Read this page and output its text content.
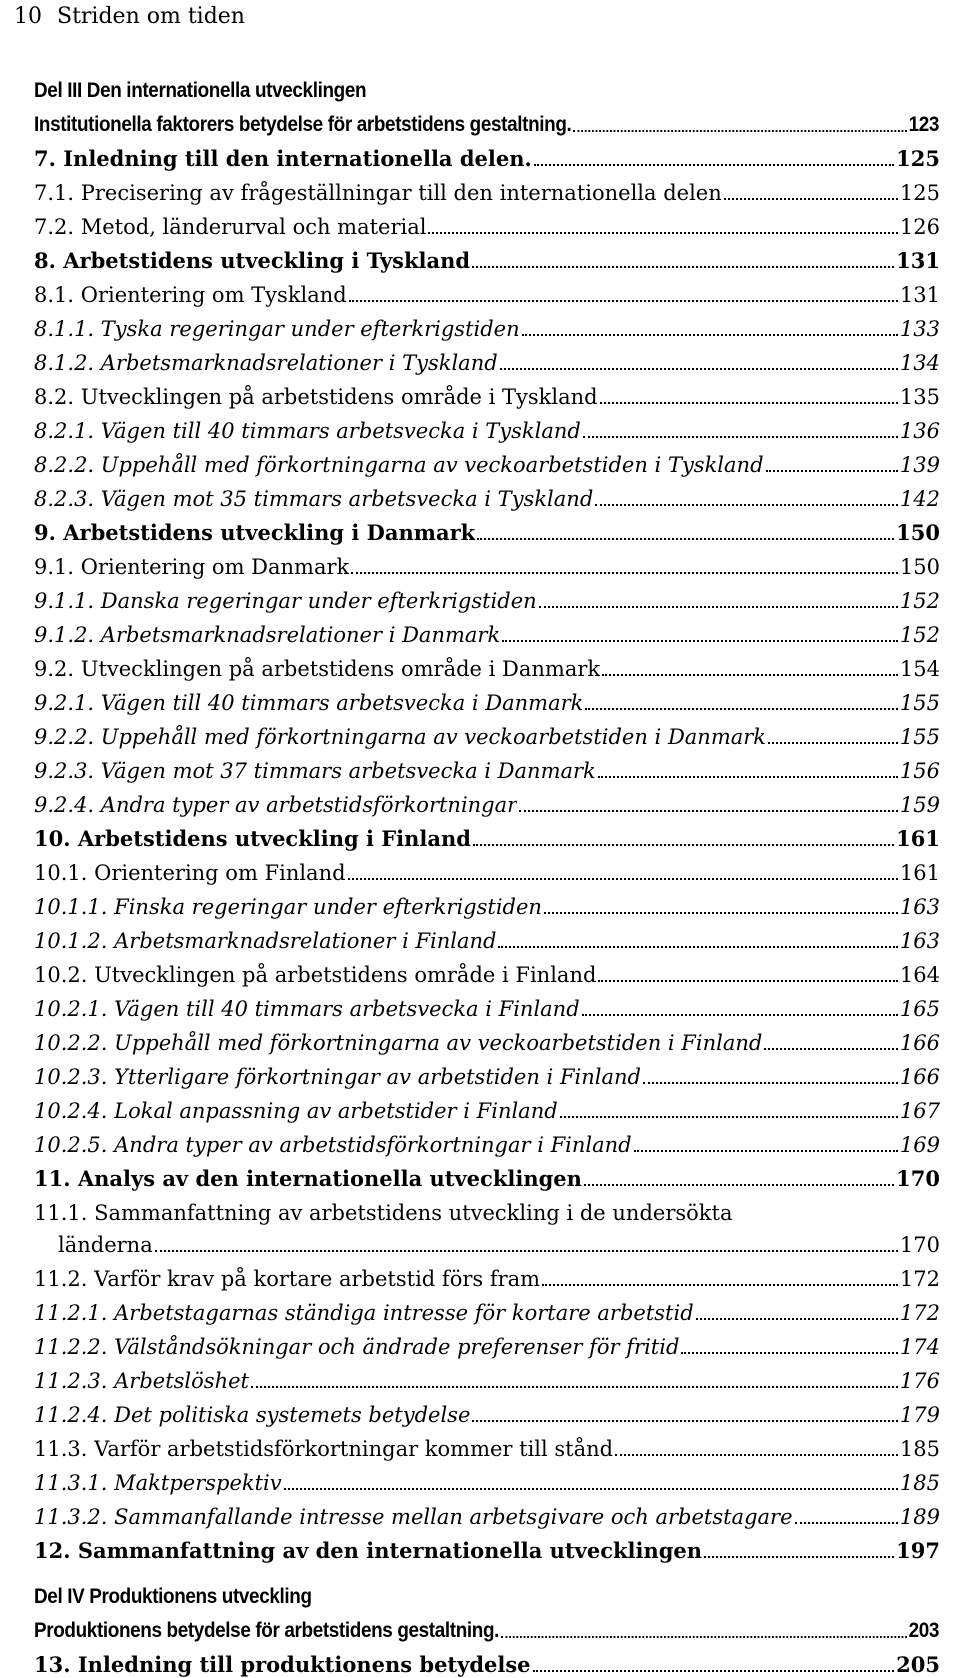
10 Striden om tiden
Del III Den internationella utvecklingen
Institutionella faktorers betydelse för arbetstidens gestaltning.	123
7. Inledning till den internationella delen.	125
7.1. Precisering av frågeställningar till den internationella delen	125
7.2. Metod, länderurval och material	126
8. Arbetstidens utveckling i Tyskland	131
8.1. Orientering om Tyskland	131
8.1.1. Tyska regeringar under efterkrigstiden	133
8.1.2. Arbetsmarknadsrelationer i Tyskland	134
8.2. Utvecklingen på arbetstidens område i Tyskland	135
8.2.1. Vägen till 40 timmars arbetsvecka i Tyskland	136
8.2.2. Uppehåll med förkortningarna av veckoarbetstiden i Tyskland	139
8.2.3. Vägen mot 35 timmars arbetsvecka i Tyskland	142
9. Arbetstidens utveckling i Danmark	150
9.1. Orientering om Danmark	150
9.1.1. Danska regeringar under efterkrigstiden	152
9.1.2. Arbetsmarknadsrelationer i Danmark	152
9.2. Utvecklingen på arbetstidens område i Danmark	154
9.2.1. Vägen till 40 timmars arbetsvecka i Danmark	155
9.2.2. Uppehåll med förkortningarna av veckoarbetstiden i Danmark	155
9.2.3. Vägen mot 37 timmars arbetsvecka i Danmark	156
9.2.4. Andra typer av arbetstidsförkortningar	159
10. Arbetstidens utveckling i Finland	161
10.1. Orientering om Finland	161
10.1.1. Finska regeringar under efterkrigstiden	163
10.1.2. Arbetsmarknadsrelationer i Finland	163
10.2. Utvecklingen på arbetstidens område i Finland	164
10.2.1. Vägen till 40 timmars arbetsvecka i Finland	165
10.2.2. Uppehåll med förkortningarna av veckoarbetstiden i Finland	166
10.2.3. Ytterligare förkortningar av arbetstiden i Finland	166
10.2.4. Lokal anpassning av arbetstider i Finland	167
10.2.5. Andra typer av arbetstidsförkortningar i Finland	169
11. Analys av den internationella utvecklingen	170
11.1. Sammanfattning av arbetstidens utveckling i de undersökta
länderna	170
11.2. Varför krav på kortare arbetstid förs fram	172
11.2.1. Arbetstagarnas ständiga intresse för kortare arbetstid	172
11.2.2. Välståndsökningar och ändrade preferenser för fritid	174
11.2.3. Arbetslöshet	176
11.2.4. Det politiska systemets betydelse	179
11.3. Varför arbetstidsförkortningar kommer till stånd	185
11.3.1. Maktperspektiv	185
11.3.2. Sammanfallande intresse mellan arbetsgivare och arbetstagare	189
12. Sammanfattning av den internationella utvecklingen	197
Del IV Produktionens utveckling
Produktionens betydelse för arbetstidens gestaltning.	203
13. Inledning till produktionens betydelse	205
